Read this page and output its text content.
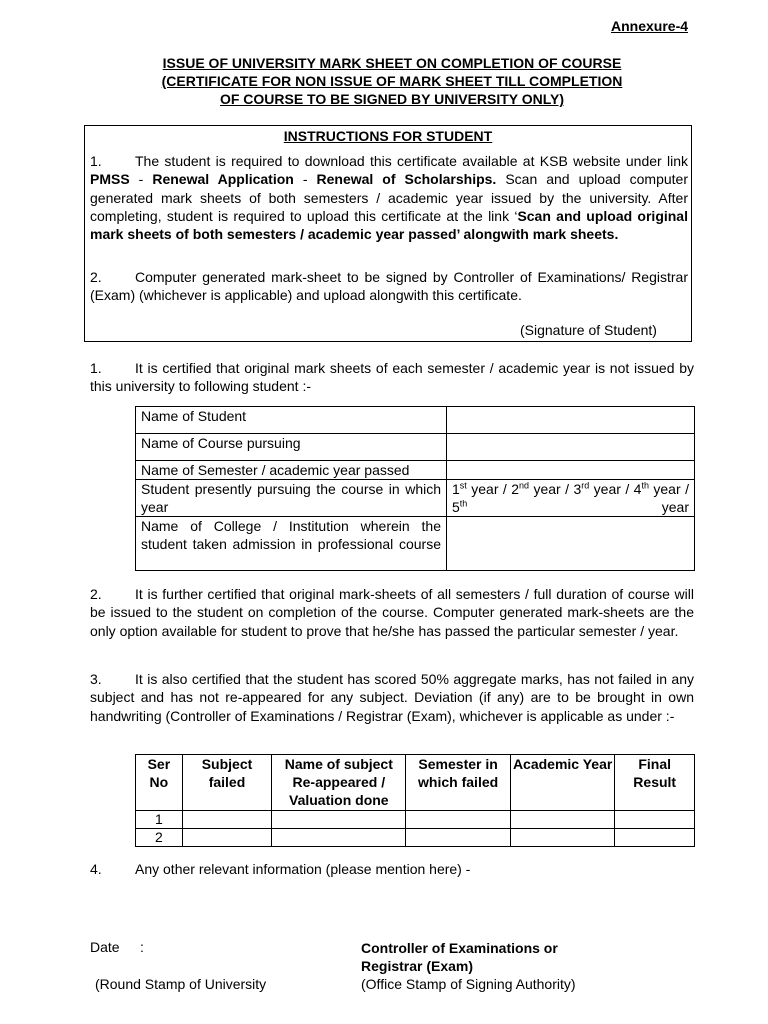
Annexure-4
ISSUE OF UNIVERSITY MARK SHEET ON COMPLETION OF COURSE
(CERTIFICATE FOR NON ISSUE OF MARK SHEET TILL COMPLETION
OF COURSE TO BE SIGNED BY UNIVERSITY ONLY)
INSTRUCTIONS FOR STUDENT
1. The student is required to download this certificate available at KSB website under link PMSS - Renewal Application - Renewal of Scholarships. Scan and upload computer generated mark sheets of both semesters / academic year issued by the university. After completing, student is required to upload this certificate at the link ‘Scan and upload original mark sheets of both semesters / academic year passed’ alongwith mark sheets.
2. Computer generated mark-sheet to be signed by Controller of Examinations/ Registrar (Exam) (whichever is applicable) and upload alongwith this certificate.
(Signature of Student)
1. It is certified that original mark sheets of each semester / academic year is not issued by this university to following student :-
Name of Student	
Name of Course pursuing	
Name of Semester / academic year passed	
Student presently pursuing the course in which year	1st year / 2nd year / 3rd year / 4th year / 5th year
Name of College / Institution wherein the student taken admission in professional course	
2. It is further certified that original mark-sheets of all semesters / full duration of course will be issued to the student on completion of the course. Computer generated mark-sheets are the only option available for student to prove that he/she has passed the particular semester / year.
3. It is also certified that the student has scored 50% aggregate marks, has not failed in any subject and has not re-appeared for any subject. Deviation (if any) are to be brought in own handwriting (Controller of Examinations / Registrar (Exam), whichever is applicable as under :-
Ser No	Subject failed	Name of subject Re-appeared / Valuation done	Semester in which failed	Academic Year	Final Result
1					
2					
4. Any other relevant information (please mention here) -
Date :
(Round Stamp of University
Controller of Examinations or
Registrar (Exam)
(Office Stamp of Signing Authority)
